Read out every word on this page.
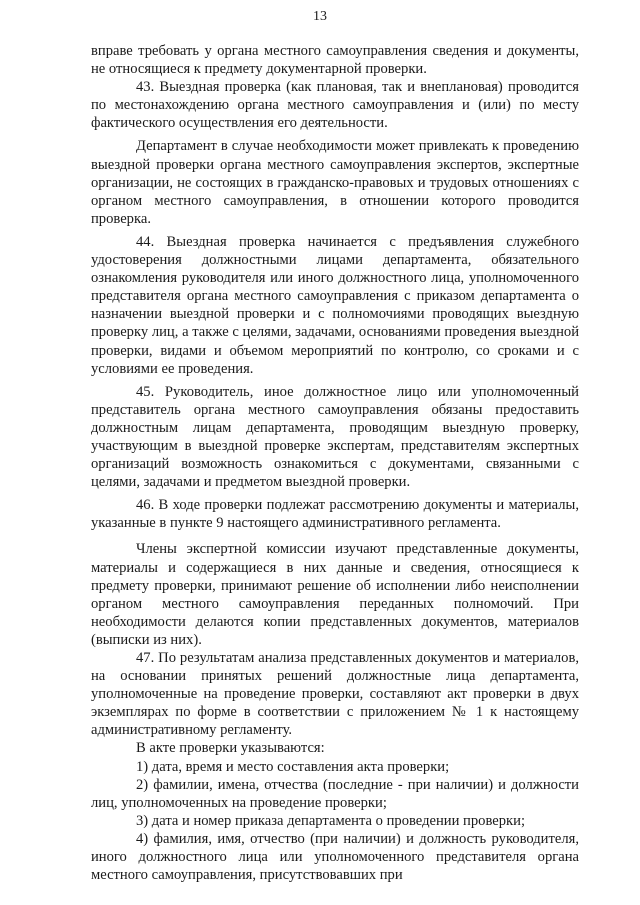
13

вправе требовать у органа местного самоуправления сведения и документы, не относящиеся к предмету документарной проверки.

43. Выездная проверка (как плановая, так и внеплановая) проводится по местонахождению органа местного самоуправления и (или) по месту фактического осуществления его деятельности.

Департамент в случае необходимости может привлекать к проведению выездной проверки органа местного самоуправления экспертов, экспертные организации, не состоящих в гражданско-правовых и трудовых отношениях с органом местного самоуправления, в отношении которого проводится проверка.

44. Выездная проверка начинается с предъявления служебного удостоверения должностными лицами департамента, обязательного ознакомления руководителя или иного должностного лица, уполномоченного представителя органа местного самоуправления с приказом департамента о назначении выездной проверки и с полномочиями проводящих выездную проверку лиц, а также с целями, задачами, основаниями проведения выездной проверки, видами и объемом мероприятий по контролю, со сроками и с условиями ее проведения.

45. Руководитель, иное должностное лицо или уполномоченный представитель органа местного самоуправления обязаны предоставить должностным лицам департамента, проводящим выездную проверку, участвующим в выездной проверке экспертам, представителям экспертных организаций возможность ознакомиться с документами, связанными с целями, задачами и предметом выездной проверки.

46. В ходе проверки подлежат рассмотрению документы и материалы, указанные в пункте 9 настоящего административного регламента.

Члены экспертной комиссии изучают представленные документы, материалы и содержащиеся в них данные и сведения, относящиеся к предмету проверки, принимают решение об исполнении либо неисполнении органом местного самоуправления переданных полномочий. При необходимости делаются копии представленных документов, материалов (выписки из них).

47. По результатам анализа представленных документов и материалов, на основании принятых решений должностные лица департамента, уполномоченные на проведение проверки, составляют акт проверки в двух экземплярах по форме в соответствии с приложением № 1 к настоящему административному регламенту.

В акте проверки указываются:

1) дата, время и место составления акта проверки;

2) фамилии, имена, отчества (последние - при наличии) и должности лиц, уполномоченных на проведение проверки;

3) дата и номер приказа департамента о проведении проверки;

4) фамилия, имя, отчество (при наличии) и должность руководителя, иного должностного лица или уполномоченного представителя органа местного самоуправления, присутствовавших при
